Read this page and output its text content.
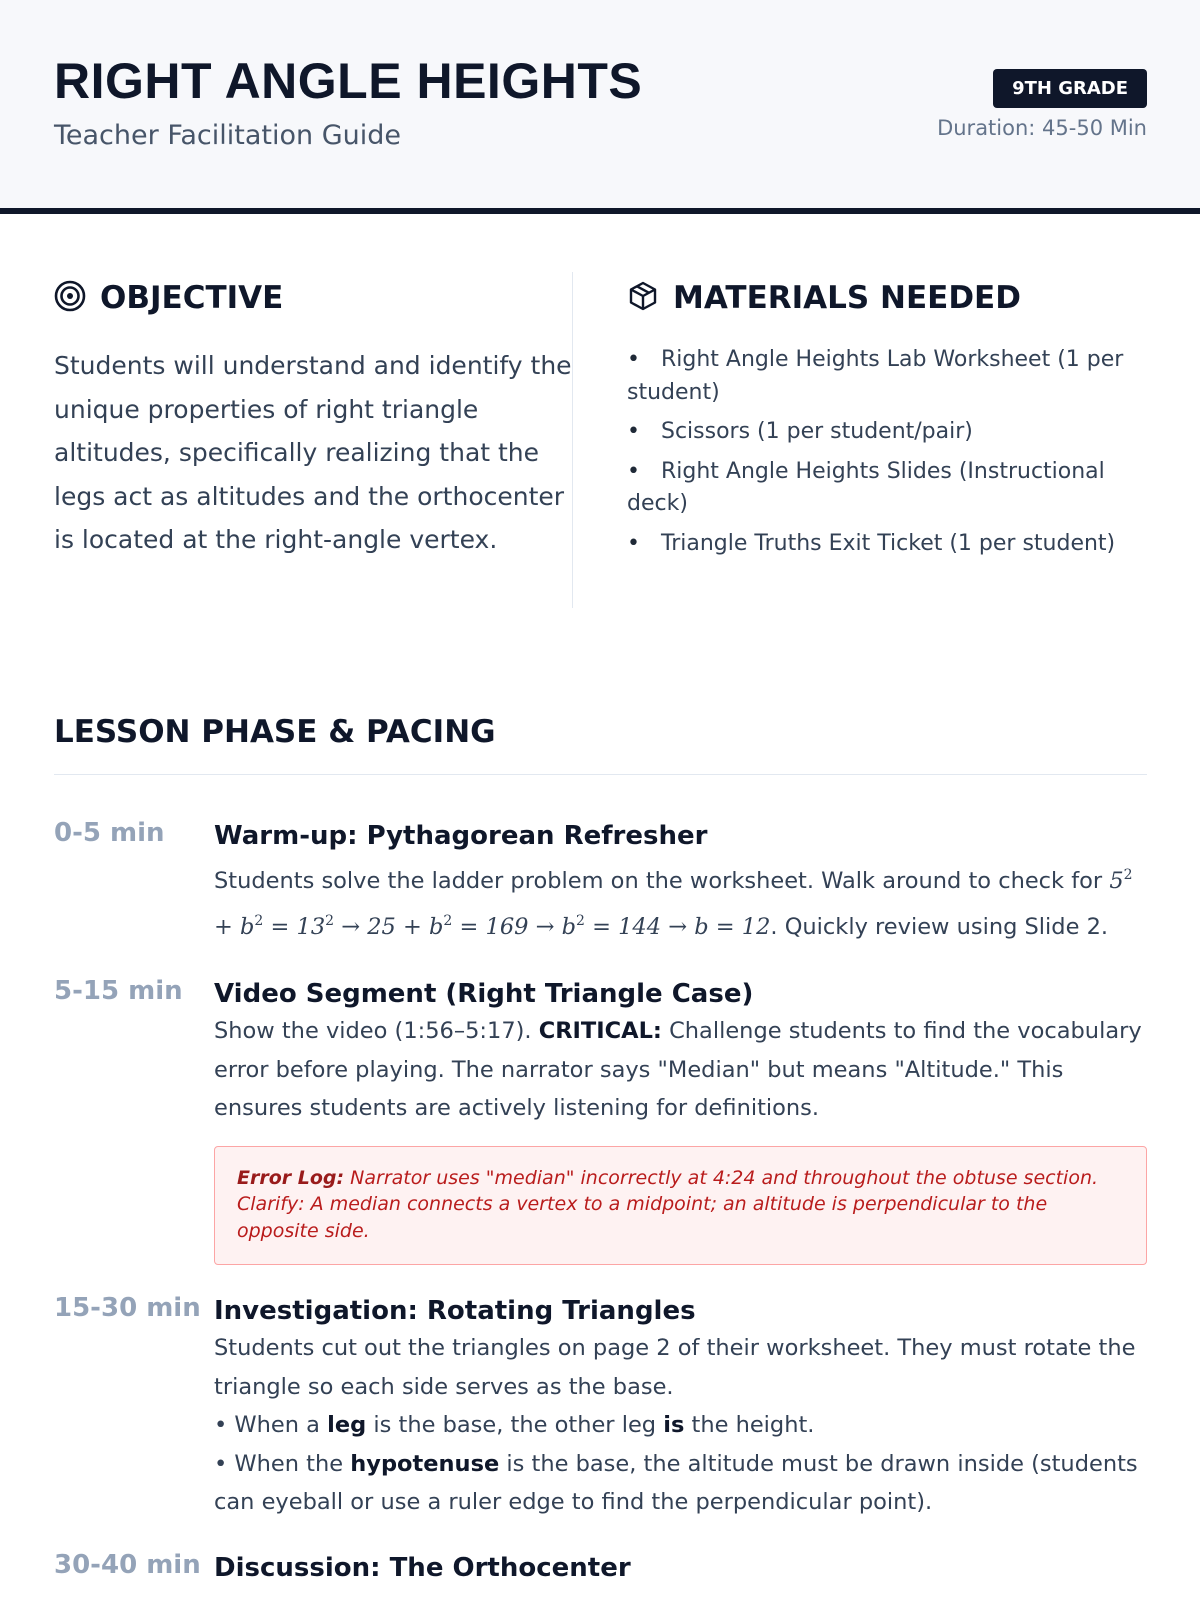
RIGHT ANGLE HEIGHTS
Teacher Facilitation Guide
9TH GRADE
Duration: 45-50 Min
OBJECTIVE

Students will understand and identify the unique properties of right triangle altitudes, specifically realizing that the legs act as altitudes and the orthocenter is located at the right-angle vertex.

MATERIALS NEEDED
• Right Angle Heights Lab Worksheet (1 per student)
• Scissors (1 per student/pair)
• Right Angle Heights Slides (Instructional deck)
• Triangle Truths Exit Ticket (1 per student)
LESSON PHASE & PACING
0-5 min Warm-up: Pythagorean Refresher

Students solve the ladder problem on the worksheet. Walk around to check for $5^2 + b^2 = 13^2 \to 25 + b^2 = 169 \to b^2 = 144 \to b = 12$. Quickly review using Slide 2.

5-15 min Video Segment (Right Triangle Case)

Show the video (1:56–5:17). CRITICAL: Challenge students to find the vocabulary error before playing. The narrator says "Median" but means "Altitude." This ensures students are actively listening for definitions.

Error Log: Narrator uses "median" incorrectly at 4:24 and throughout the obtuse section. Clarify: A median connects a vertex to a midpoint; an altitude is perpendicular to the opposite side.
15-30 min Investigation: Rotating Triangles

Students cut out the triangles on page 2 of their worksheet. They must rotate the triangle so each side serves as the base.

• When a leg is the base, the other leg is the height.

• When the hypotenuse is the base, the altitude must be drawn inside (students can eyeball or use a ruler edge to find the perpendicular point).

30-40 min Discussion: The Orthocenter
